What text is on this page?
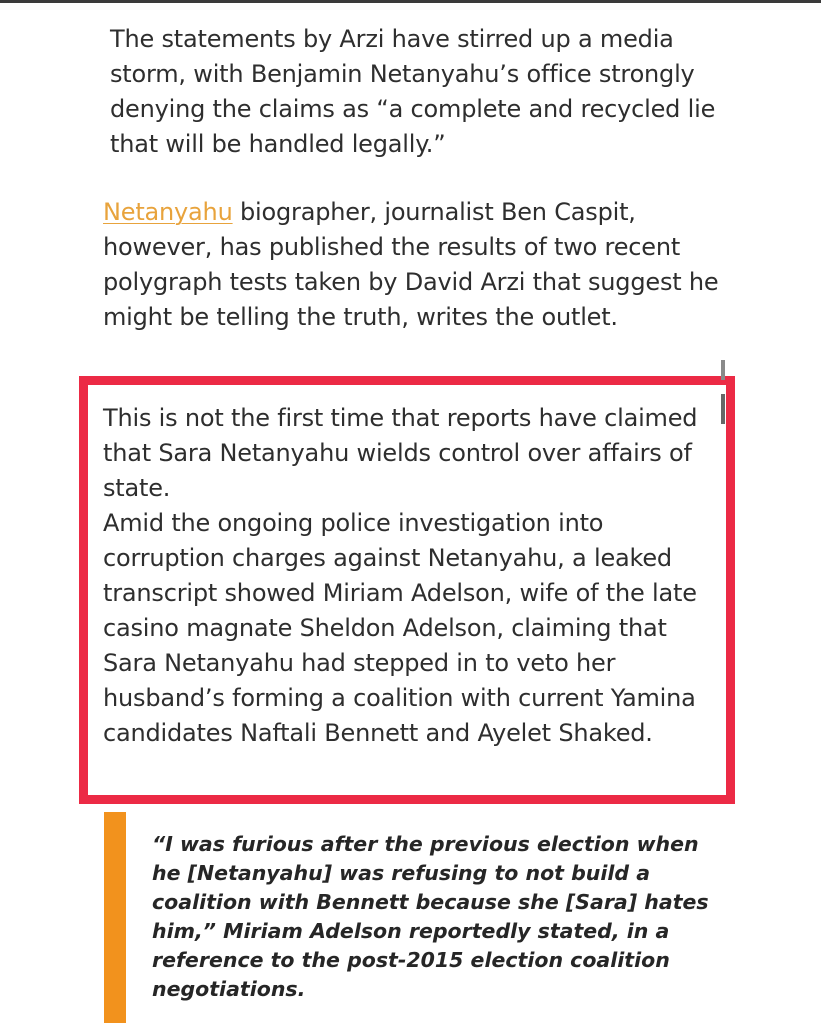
The statements by Arzi have stirred up a media storm, with Benjamin Netanyahu’s office strongly denying the claims as “a complete and recycled lie that will be handled legally.”

Netanyahu biographer, journalist Ben Caspit, however, has published the results of two recent polygraph tests taken by David Arzi that suggest he might be telling the truth, writes the outlet.

This is not the first time that reports have claimed that Sara Netanyahu wields control over affairs of state.
Amid the ongoing police investigation into corruption charges against Netanyahu, a leaked transcript showed Miriam Adelson, wife of the late casino magnate Sheldon Adelson, claiming that Sara Netanyahu had stepped in to veto her husband’s forming a coalition with current Yamina candidates Naftali Bennett and Ayelet Shaked.

“I was furious after the previous election when he [Netanyahu] was refusing to not build a coalition with Bennett because she [Sara] hates him,” Miriam Adelson reportedly stated, in a reference to the post-2015 election coalition negotiations.
